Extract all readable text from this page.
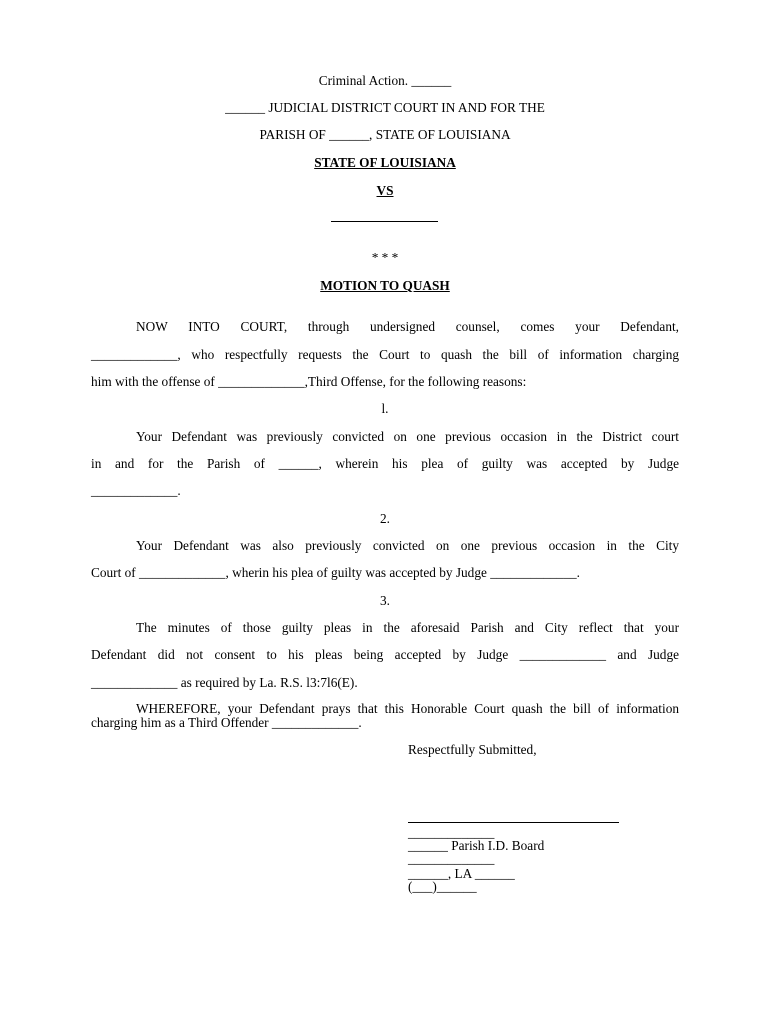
Criminal Action. ______
______ JUDICIAL DISTRICT COURT IN AND FOR THE
PARISH OF ______, STATE OF LOUISIANA
STATE OF LOUISIANA
VS
* * *
MOTION TO QUASH
NOW INTO COURT, through undersigned counsel, comes your Defendant,
_____________, who respectfully requests the Court to quash the bill of information charging
him with the offense of _____________,Third Offense, for the following reasons:
l.
Your Defendant was previously convicted on one previous occasion in the District court
in and for the Parish of ______, wherein his plea of guilty was accepted by Judge
_____________.
2.
Your Defendant was also previously convicted on one previous occasion in the City
Court of _____________, wherin his plea of guilty was accepted by Judge _____________.
3.
The minutes of those guilty pleas in the aforesaid Parish and City reflect that your
Defendant did not consent to his pleas being accepted by Judge _____________ and Judge
_____________ as required by La. R.S. l3:7l6(E).
WHEREFORE, your Defendant prays that this Honorable Court quash the bill of information charging him as a Third Offender _____________.
Respectfully Submitted,
_____________
______ Parish I.D. Board
_____________
______, LA ______
(___)______
